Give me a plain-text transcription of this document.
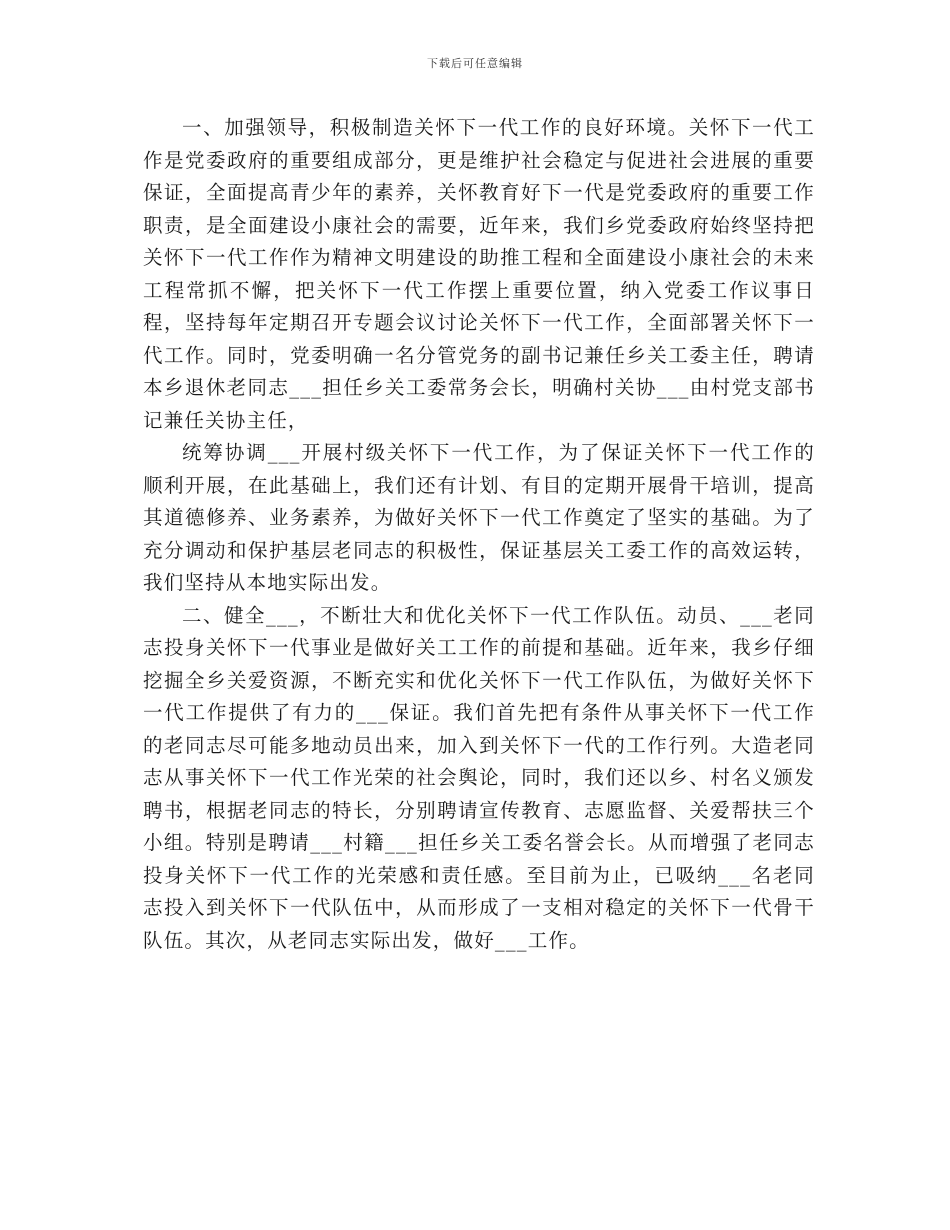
下载后可任意编辑

一、加强领导，积极制造关怀下一代工作的良好环境。关怀下一代工作是党委政府的重要组成部分，更是维护社会稳定与促进社会进展的重要保证，全面提高青少年的素养，关怀教育好下一代是党委政府的重要工作职责，是全面建设小康社会的需要，近年来，我们乡党委政府始终坚持把关怀下一代工作作为精神文明建设的助推工程和全面建设小康社会的未来工程常抓不懈，把关怀下一代工作摆上重要位置，纳入党委工作议事日程，坚持每年定期召开专题会议讨论关怀下一代工作，全面部署关怀下一代工作。同时，党委明确一名分管党务的副书记兼任乡关工委主任，聘请本乡退休老同志___担任乡关工委常务会长，明确村关协___由村党支部书记兼任关协主任，

统筹协调___开展村级关怀下一代工作，为了保证关怀下一代工作的顺利开展，在此基础上，我们还有计划、有目的定期开展骨干培训，提高其道德修养、业务素养，为做好关怀下一代工作奠定了坚实的基础。为了充分调动和保护基层老同志的积极性，保证基层关工委工作的高效运转，我们坚持从本地实际出发。

二、健全___，不断壮大和优化关怀下一代工作队伍。动员、___老同志投身关怀下一代事业是做好关工工作的前提和基础。近年来，我乡仔细挖掘全乡关爱资源，不断充实和优化关怀下一代工作队伍，为做好关怀下一代工作提供了有力的___保证。我们首先把有条件从事关怀下一代工作的老同志尽可能多地动员出来，加入到关怀下一代的工作行列。大造老同志从事关怀下一代工作光荣的社会舆论，同时，我们还以乡、村名义颁发聘书，根据老同志的特长，分别聘请宣传教育、志愿监督、关爱帮扶三个小组。特别是聘请___村籍___担任乡关工委名誉会长。从而增强了老同志投身关怀下一代工作的光荣感和责任感。至目前为止，已吸纳___名老同志投入到关怀下一代队伍中，从而形成了一支相对稳定的关怀下一代骨干队伍。其次，从老同志实际出发，做好___工作。
